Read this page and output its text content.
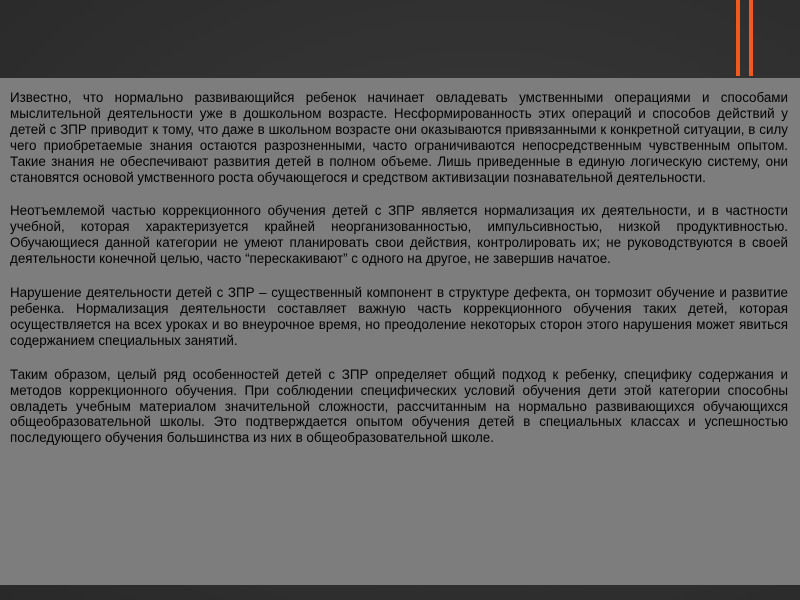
Известно, что нормально развивающийся ребенок начинает овладевать умственными операциями и способами мыслительной деятельности уже в дошкольном возрасте. Несформированность этих операций и способов действий у детей с ЗПР приводит к тому, что даже в школьном возрасте они оказываются привязанными к конкретной ситуации, в силу чего приобретаемые знания остаются разрозненными, часто ограничиваются непосредственным чувственным опытом. Такие знания не обеспечивают развития детей в полном объеме. Лишь приведенные в единую логическую систему, они становятся основой умственного роста обучающегося и средством активизации познавательной деятельности.

Неотъемлемой частью коррекционного обучения детей с ЗПР является нормализация их деятельности, и в частности учебной, которая характеризуется крайней неорганизованностью, импульсивностью, низкой продуктивностью. Обучающиеся данной категории не умеют планировать свои действия, контролировать их; не руководствуются в своей деятельности конечной целью, часто “перескакивают” с одного на другое, не завершив начатое.

Нарушение деятельности детей с ЗПР – существенный компонент в структуре дефекта, он тормозит обучение и развитие ребенка. Нормализация деятельности составляет важную часть коррекционного обучения таких детей, которая осуществляется на всех уроках и во внеурочное время, но преодоление некоторых сторон этого нарушения может явиться содержанием специальных занятий.

Таким образом, целый ряд особенностей детей с ЗПР определяет общий подход к ребенку, специфику содержания и методов коррекционного обучения. При соблюдении специфических условий обучения дети этой категории способны овладеть учебным материалом значительной сложности, рассчитанным на нормально развивающихся обучающихся общеобразовательной школы. Это подтверждается опытом обучения детей в специальных классах и успешностью последующего обучения большинства из них в общеобразовательной школе.
